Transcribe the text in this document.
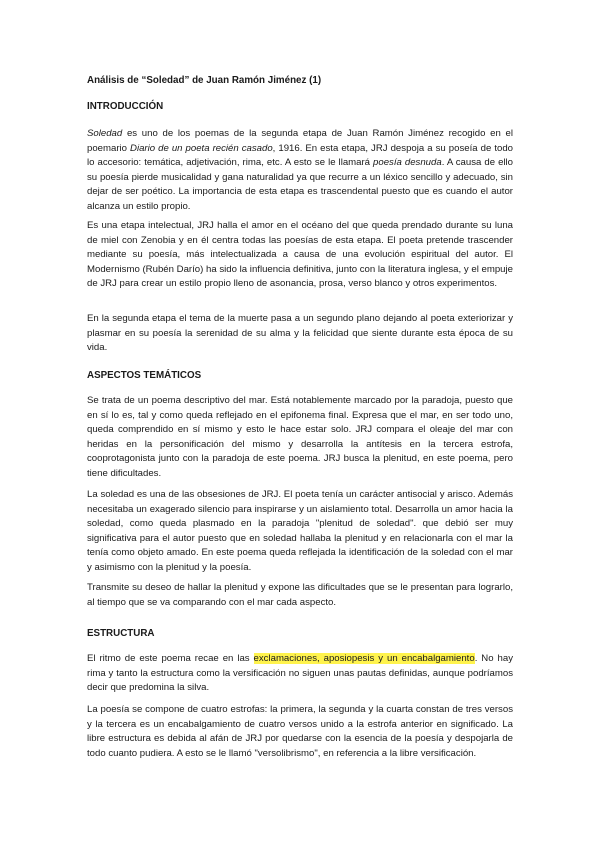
Análisis de “Soledad” de Juan Ramón Jiménez (1)
INTRODUCCIÓN

Soledad es uno de los poemas de la segunda etapa de Juan Ramón Jiménez recogido en el poemario Diario de un poeta recién casado, 1916. En esta etapa, JRJ despoja a su poseía de todo lo accesorio: temática, adjetivación, rima, etc. A esto se le llamará poesía desnuda. A causa de ello su poesía pierde musicalidad y gana naturalidad ya que recurre a un léxico sencillo y adecuado, sin dejar de ser poético. La importancia de esta etapa es trascendental puesto que es cuando el autor alcanza un estilo propio.

Es una etapa intelectual, JRJ halla el amor en el océano del que queda prendado durante su luna de miel con Zenobia y en él centra todas las poesías de esta etapa. El poeta pretende trascender mediante su poesía, más intelectualizada a causa de una evolución espiritual del autor. El Modernismo (Rubén Darío) ha sido la influencia definitiva, junto con la literatura inglesa, y el empuje de JRJ para crear un estilo propio lleno de asonancia, prosa, verso blanco y otros experimentos.

En la segunda etapa el tema de la muerte pasa a un segundo plano dejando al poeta exteriorizar y plasmar en su poesía la serenidad de su alma y la felicidad que siente durante esta época de su vida.

ASPECTOS TEMÁTICOS

Se trata de un poema descriptivo del mar. Está notablemente marcado por la paradoja, puesto que en sí lo es, tal y como queda reflejado en el epifonema final. Expresa que el mar, en ser todo uno, queda comprendido en sí mismo y esto le hace estar solo. JRJ compara el oleaje del mar con heridas en la personificación del mismo y desarrolla la antítesis en la tercera estrofa, cooprotagonista junto con la paradoja de este poema. JRJ busca la plenitud, en este poema, pero tiene dificultades.

La soledad es una de las obsesiones de JRJ. El poeta tenía un carácter antisocial y arisco. Además necesitaba un exagerado silencio para inspirarse y un aislamiento total. Desarrolla un amor hacia la soledad, como queda plasmado en la paradoja "plenitud de soledad". que debió ser muy significativa para el autor puesto que en soledad hallaba la plenitud y en relacionarla con el mar la tenía como objeto amado. En este poema queda reflejada la identificación de la soledad con el mar y asimismo con la plenitud y la poesía.

Transmite su deseo de hallar la plenitud y expone las dificultades que se le presentan para lograrlo, al tiempo que se va comparando con el mar cada aspecto.

ESTRUCTURA

El ritmo de este poema recae en las exclamaciones, aposiopesis y un encabalgamiento. No hay rima y tanto la estructura como la versificación no siguen unas pautas definidas, aunque podríamos decir que predomina la silva.

La poesía se compone de cuatro estrofas: la primera, la segunda y la cuarta constan de tres versos y la tercera es un encabalgamiento de cuatro versos unido a la estrofa anterior en significado. La libre estructura es debida al afán de JRJ por quedarse con la esencia de la poesía y despojarla de todo cuanto pudiera. A esto se le llamó "versolibrismo", en referencia a la libre versificación.
